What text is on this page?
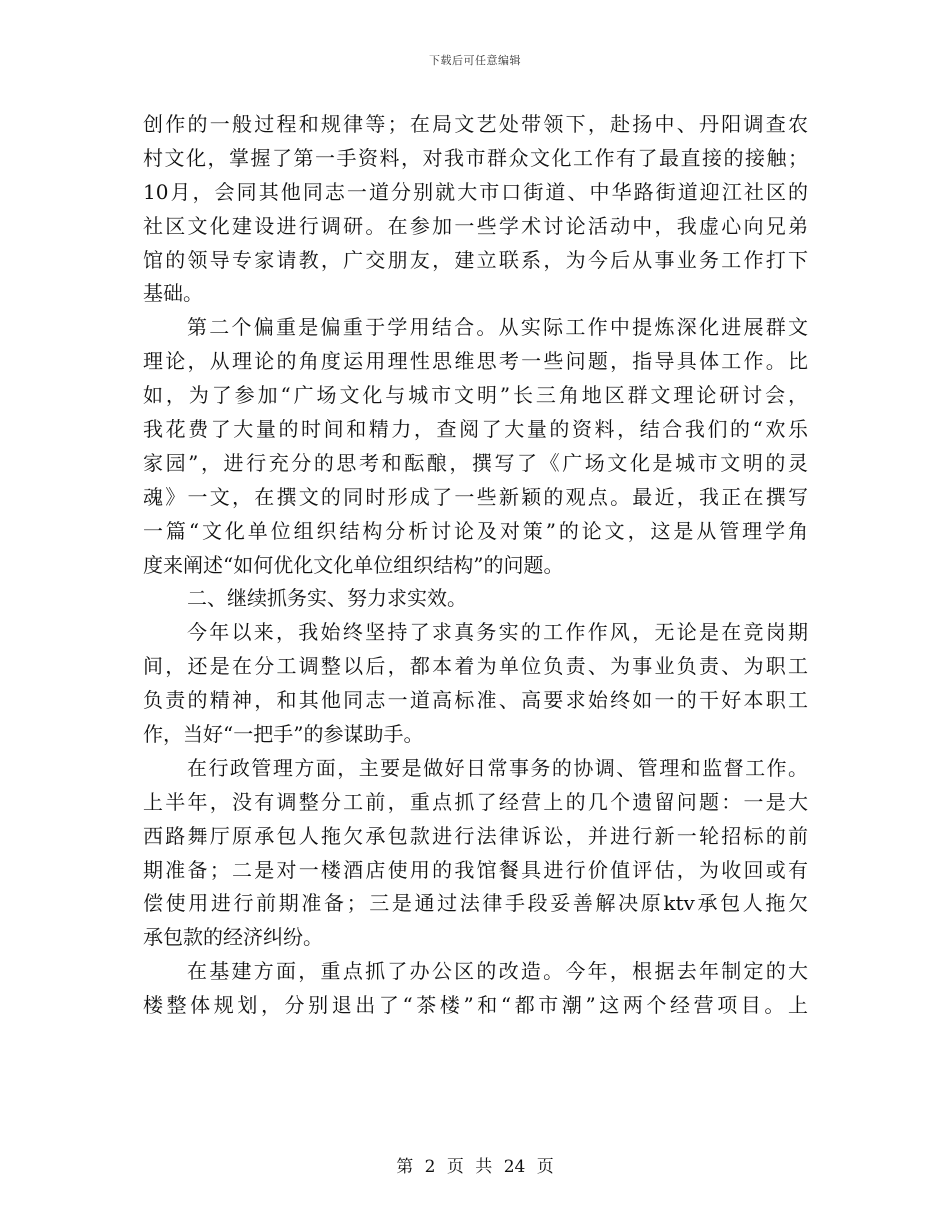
下载后可任意编辑
创作的一般过程和规律等；在局文艺处带领下，赴扬中、丹阳调查农
村文化，掌握了第一手资料，对我市群众文化工作有了最直接的接触；
10月，会同其他同志一道分别就大市口街道、中华路街道迎江社区的
社区文化建设进行调研。在参加一些学术讨论活动中，我虚心向兄弟
馆的领导专家请教，广交朋友，建立联系，为今后从事业务工作打下
基础。
第二个偏重是偏重于学用结合。从实际工作中提炼深化进展群文
理论，从理论的角度运用理性思维思考一些问题，指导具体工作。比
如，为了参加“广场文化与城市文明”长三角地区群文理论研讨会，
我花费了大量的时间和精力，查阅了大量的资料，结合我们的“欢乐
家园”，进行充分的思考和酝酿，撰写了《广场文化是城市文明的灵
魂》一文，在撰文的同时形成了一些新颖的观点。最近，我正在撰写
一篇“文化单位组织结构分析讨论及对策”的论文，这是从管理学角
度来阐述“如何优化文化单位组织结构”的问题。
二、继续抓务实、努力求实效。
今年以来，我始终坚持了求真务实的工作作风，无论是在竞岗期
间，还是在分工调整以后，都本着为单位负责、为事业负责、为职工
负责的精神，和其他同志一道高标准、高要求始终如一的干好本职工
作，当好“一把手”的参谋助手。
在行政管理方面，主要是做好日常事务的协调、管理和监督工作。
上半年，没有调整分工前，重点抓了经营上的几个遗留问题：一是大
西路舞厅原承包人拖欠承包款进行法律诉讼，并进行新一轮招标的前
期准备；二是对一楼酒店使用的我馆餐具进行价值评估，为收回或有
偿使用进行前期准备；三是通过法律手段妥善解决原ktv承包人拖欠
承包款的经济纠纷。
在基建方面，重点抓了办公区的改造。今年，根据去年制定的大
楼整体规划，分别退出了“茶楼”和“都市潮”这两个经营项目。上
第 2 页 共 24 页
